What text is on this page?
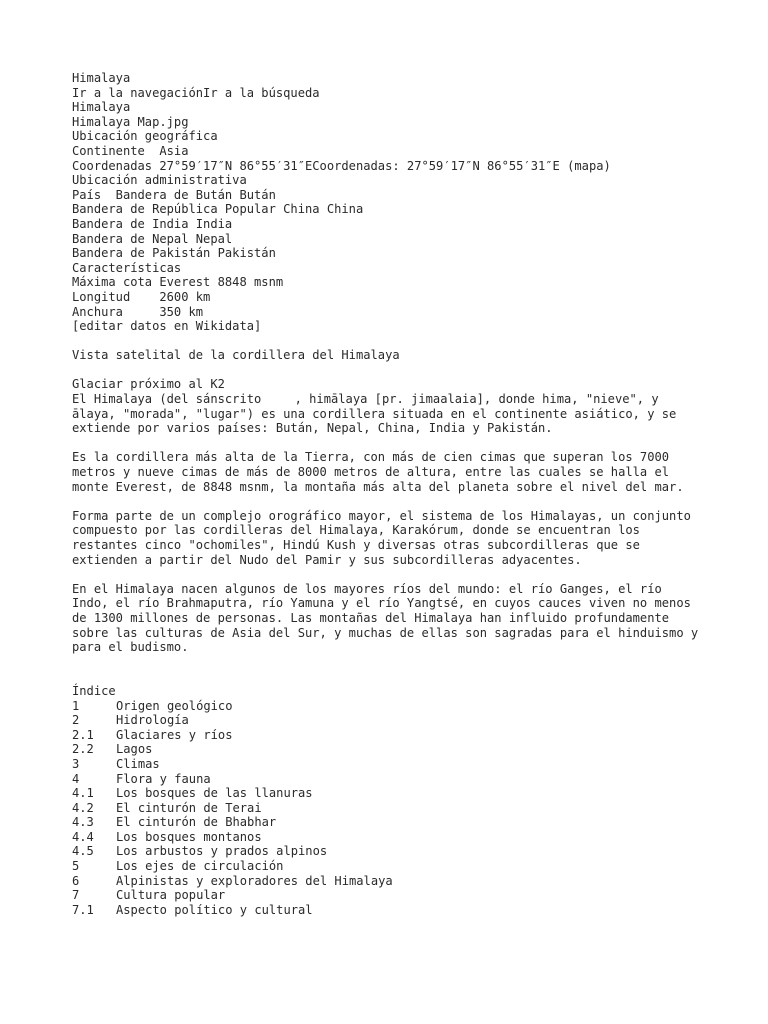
Himalaya
Ir a la navegaciónIr a la búsqueda
Himalaya
Himalaya Map.jpg
Ubicación geográfica
Continente  Asia
Coordenadas 27°59′17″N 86°55′31″ECoordenadas: 27°59′17″N 86°55′31″E (mapa)
Ubicación administrativa
País  Bandera de Bután Bután
Bandera de República Popular China China
Bandera de India India
Bandera de Nepal Nepal
Bandera de Pakistán Pakistán
Características
Máxima cota Everest 8848 msnm
Longitud    2600 km
Anchura     350 km
[editar datos en Wikidata]
Vista satelital de la cordillera del Himalaya
Glaciar próximo al K2
El Himalaya (del sánscrito , himālaya [pr. jimaalaia], donde hima, "nieve", y ālaya, "morada", "lugar") es una cordillera situada en el continente asiático, y se extiende por varios países: Bután, Nepal, China, India y Pakistán.
Es la cordillera más alta de la Tierra, con más de cien cimas que superan los 7000 metros y nueve cimas de más de 8000 metros de altura, entre las cuales se halla el monte Everest, de 8848 msnm, la montaña más alta del planeta sobre el nivel del mar.
Forma parte de un complejo orográfico mayor, el sistema de los Himalayas, un conjunto compuesto por las cordilleras del Himalaya, Karakórum, donde se encuentran los restantes cinco "ochomiles", Hindú Kush y diversas otras subcordilleras que se extienden a partir del Nudo del Pamir y sus subcordilleras adyacentes.
En el Himalaya nacen algunos de los mayores ríos del mundo: el río Ganges, el río Indo, el río Brahmaputra, río Yamuna y el río Yangtsé, en cuyos cauces viven no menos de 1300 millones de personas. Las montañas del Himalaya han influido profundamente sobre las culturas de Asia del Sur, y muchas de ellas son sagradas para el hinduismo y para el budismo.
Índice
1	Origen geológico
2	Hidrología
2.1 Glaciares y ríos
2.2 Lagos
3	Climas
4	Flora y fauna
4.1 Los bosques de las llanuras
4.2 El cinturón de Terai
4.3 El cinturón de Bhabhar
4.4 Los bosques montanos
4.5 Los arbustos y prados alpinos
5	Los ejes de circulación
6	Alpinistas y exploradores del Himalaya
7	Cultura popular
7.1 Aspecto político y cultural
